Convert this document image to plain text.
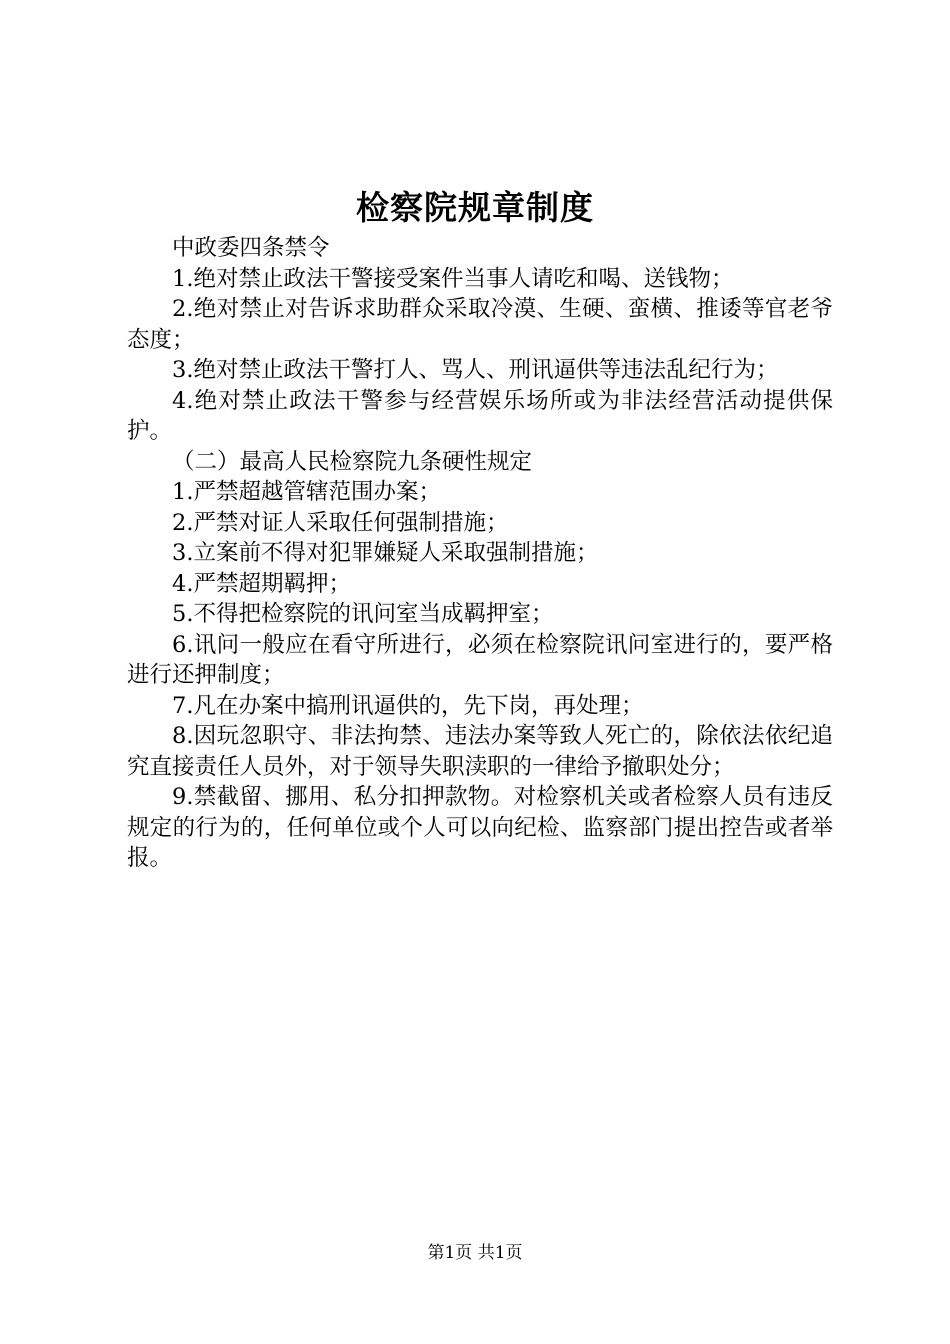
检察院规章制度

中政委四条禁令

1.绝对禁止政法干警接受案件当事人请吃和喝、送钱物；

2.绝对禁止对告诉求助群众采取冷漠、生硬、蛮横、推诿等官老爷态度；

3.绝对禁止政法干警打人、骂人、刑讯逼供等违法乱纪行为；

4.绝对禁止政法干警参与经营娱乐场所或为非法经营活动提供保护。

（二）最高人民检察院九条硬性规定

1.严禁超越管辖范围办案；

2.严禁对证人采取任何强制措施；

3.立案前不得对犯罪嫌疑人采取强制措施；

4.严禁超期羁押；

5.不得把检察院的讯问室当成羁押室；

6.讯问一般应在看守所进行，必须在检察院讯问室进行的，要严格进行还押制度；

7.凡在办案中搞刑讯逼供的，先下岗，再处理；

8.因玩忽职守、非法拘禁、违法办案等致人死亡的，除依法依纪追究直接责任人员外，对于领导失职渎职的一律给予撤职处分；

9.禁截留、挪用、私分扣押款物。对检察机关或者检察人员有违反规定的行为的，任何单位或个人可以向纪检、监察部门提出控告或者举报。

第1页 共1页
